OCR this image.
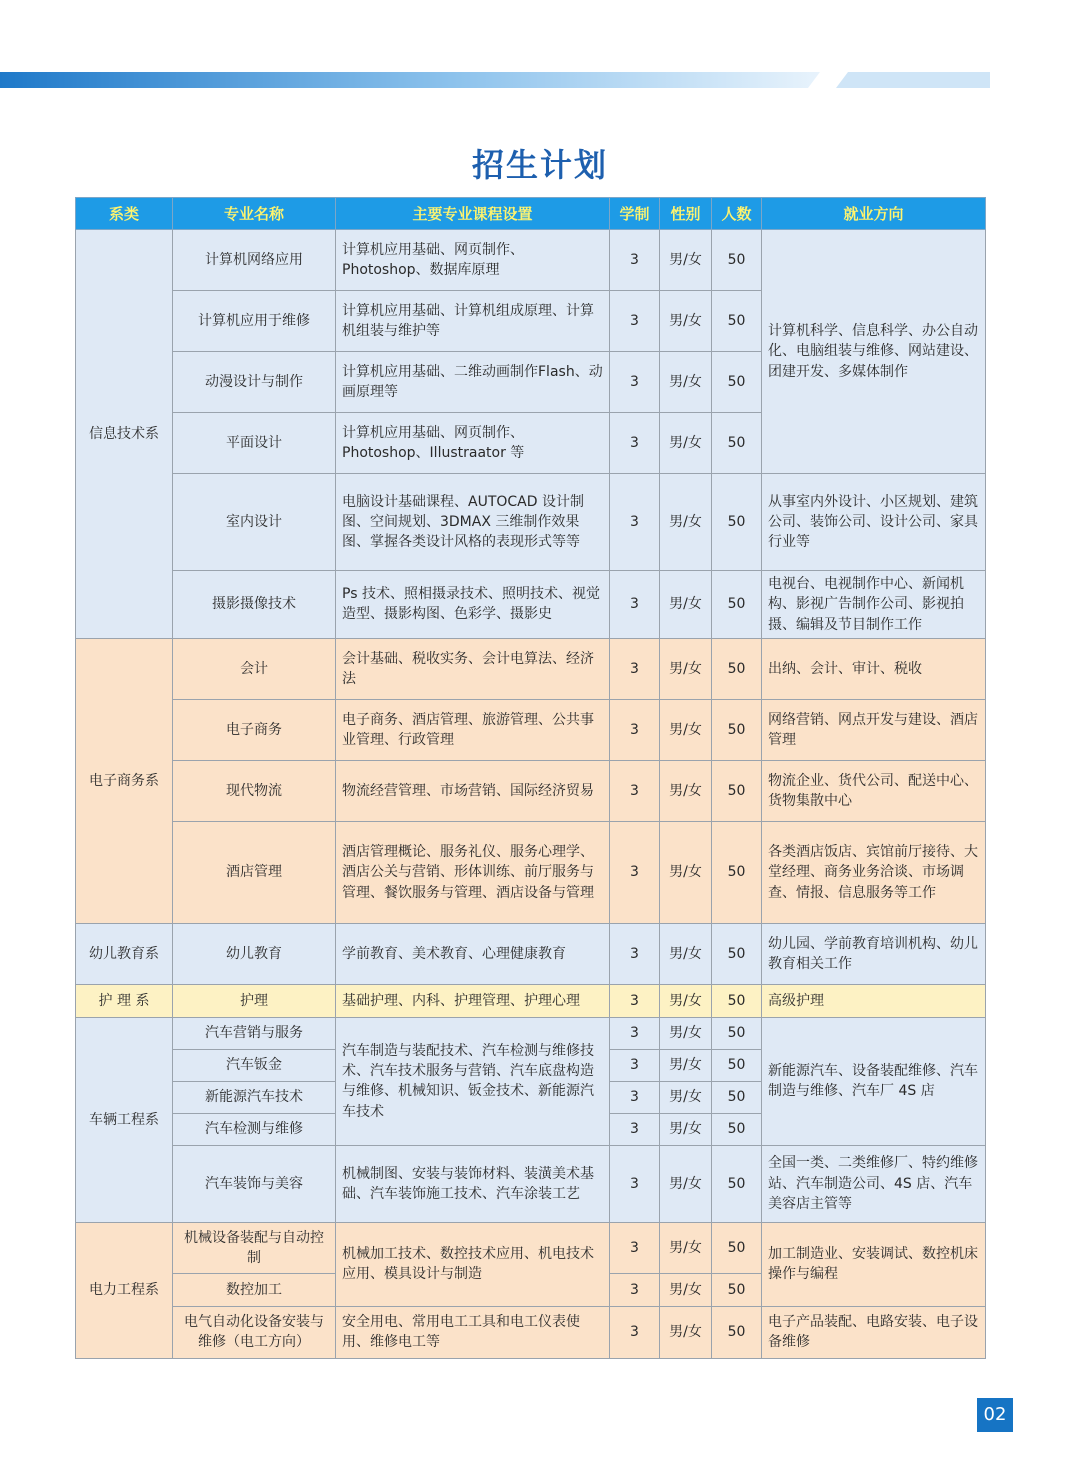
招生计划
系类	专业名称	主要专业课程设置	学制	性别	人数	就业方向
信息技术系	计算机网络应用	计算机应用基础、网页制作、Photoshop、数据库原理	3	男/女	50	计算机科学、信息科学、办公自动化、电脑组装与维修、网站建设、团建开发、多媒体制作
	计算机应用于维修	计算机应用基础、计算机组成原理、计算机组装与维护等	3	男/女	50	
	动漫设计与制作	计算机应用基础、二维动画制作Flash、动画原理等	3	男/女	50	
	平面设计	计算机应用基础、网页制作、Photoshop、Illustraator 等	3	男/女	50	
	室内设计	电脑设计基础课程、AUTOCAD 设计制图、空间规划、3DMAX 三维制作效果图、掌握各类设计风格的表现形式等等	3	男/女	50	从事室内外设计、小区规划、建筑公司、装饰公司、设计公司、家具行业等
	摄影摄像技术	Ps 技术、照相摄录技术、照明技术、视觉造型、摄影构图、色彩学、摄影史	3	男/女	50	电视台、电视制作中心、新闻机构、影视广告制作公司、影视拍摄、编辑及节目制作工作
电子商务系	会计	会计基础、税收实务、会计电算法、经济法	3	男/女	50	出纳、会计、审计、税收
	电子商务	电子商务、酒店管理、旅游管理、公共事业管理、行政管理	3	男/女	50	网络营销、网点开发与建设、酒店管理
	现代物流	物流经营管理、市场营销、国际经济贸易	3	男/女	50	物流企业、货代公司、配送中心、货物集散中心
	酒店管理	酒店管理概论、服务礼仪、服务心理学、酒店公关与营销、形体训练、前厅服务与管理、餐饮服务与管理、酒店设备与管理	3	男/女	50	各类酒店饭店、宾馆前厅接待、大堂经理、商务业务洽谈、市场调查、情报、信息服务等工作
幼儿教育系	幼儿教育	学前教育、美术教育、心理健康教育	3	男/女	50	幼儿园、学前教育培训机构、幼儿教育相关工作
护 理 系	护理	基础护理、内科、护理管理、护理心理	3	男/女	50	高级护理
车辆工程系	汽车营销与服务	汽车制造与装配技术、汽车检测与维修技术、汽车技术服务与营销、汽车底盘构造与维修、机械知识、钣金技术、新能源汽车技术	3	男/女	50	新能源汽车、设备装配维修、汽车制造与维修、汽车厂 4S 店
	汽车钣金		3	男/女	50	
	新能源汽车技术		3	男/女	50	
	汽车检测与维修		3	男/女	50	
	汽车装饰与美容	机械制图、安装与装饰材料、装潢美术基础、汽车装饰施工技术、汽车涂装工艺	3	男/女	50	全国一类、二类维修厂、特约维修站、汽车制造公司、4S 店、汽车美容店主管等
电力工程系	机械设备装配与自动控制	机械加工技术、数控技术应用、机电技术应用、模具设计与制造	3	男/女	50	加工制造业、安装调试、数控机床操作与编程
	数控加工		3	男/女	50	
	电气自动化设备安装与维修（电工方向）	安全用电、常用电工工具和电工仪表使用、维修电工等	3	男/女	50	电子产品装配、电路安装、电子设备维修
02
